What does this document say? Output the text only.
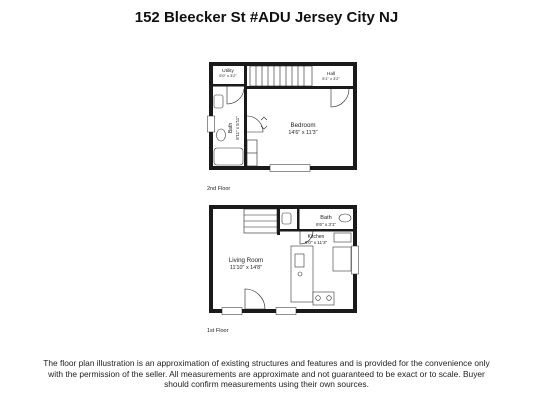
152 Bleecker St #ADU Jersey City NJ
Utility
5'0" x 3'2"	Hall
5'1" x 3'2"
Bedroom
14'6" x 11'3"
Bath 8'11" x 5'11"
Bath
6'6" x 3'1"
Kitchen
6'0" x 11'3"
Living Room
11'10" x 14'8"
2nd Floor
1st Floor
The floor plan illustration is an approximation of existing structures and features and is provided for the convenience only with the permission of the seller. All measurements are approximate and not guaranteed to be exact or to scale. Buyer should confirm measurements using their own sources.
